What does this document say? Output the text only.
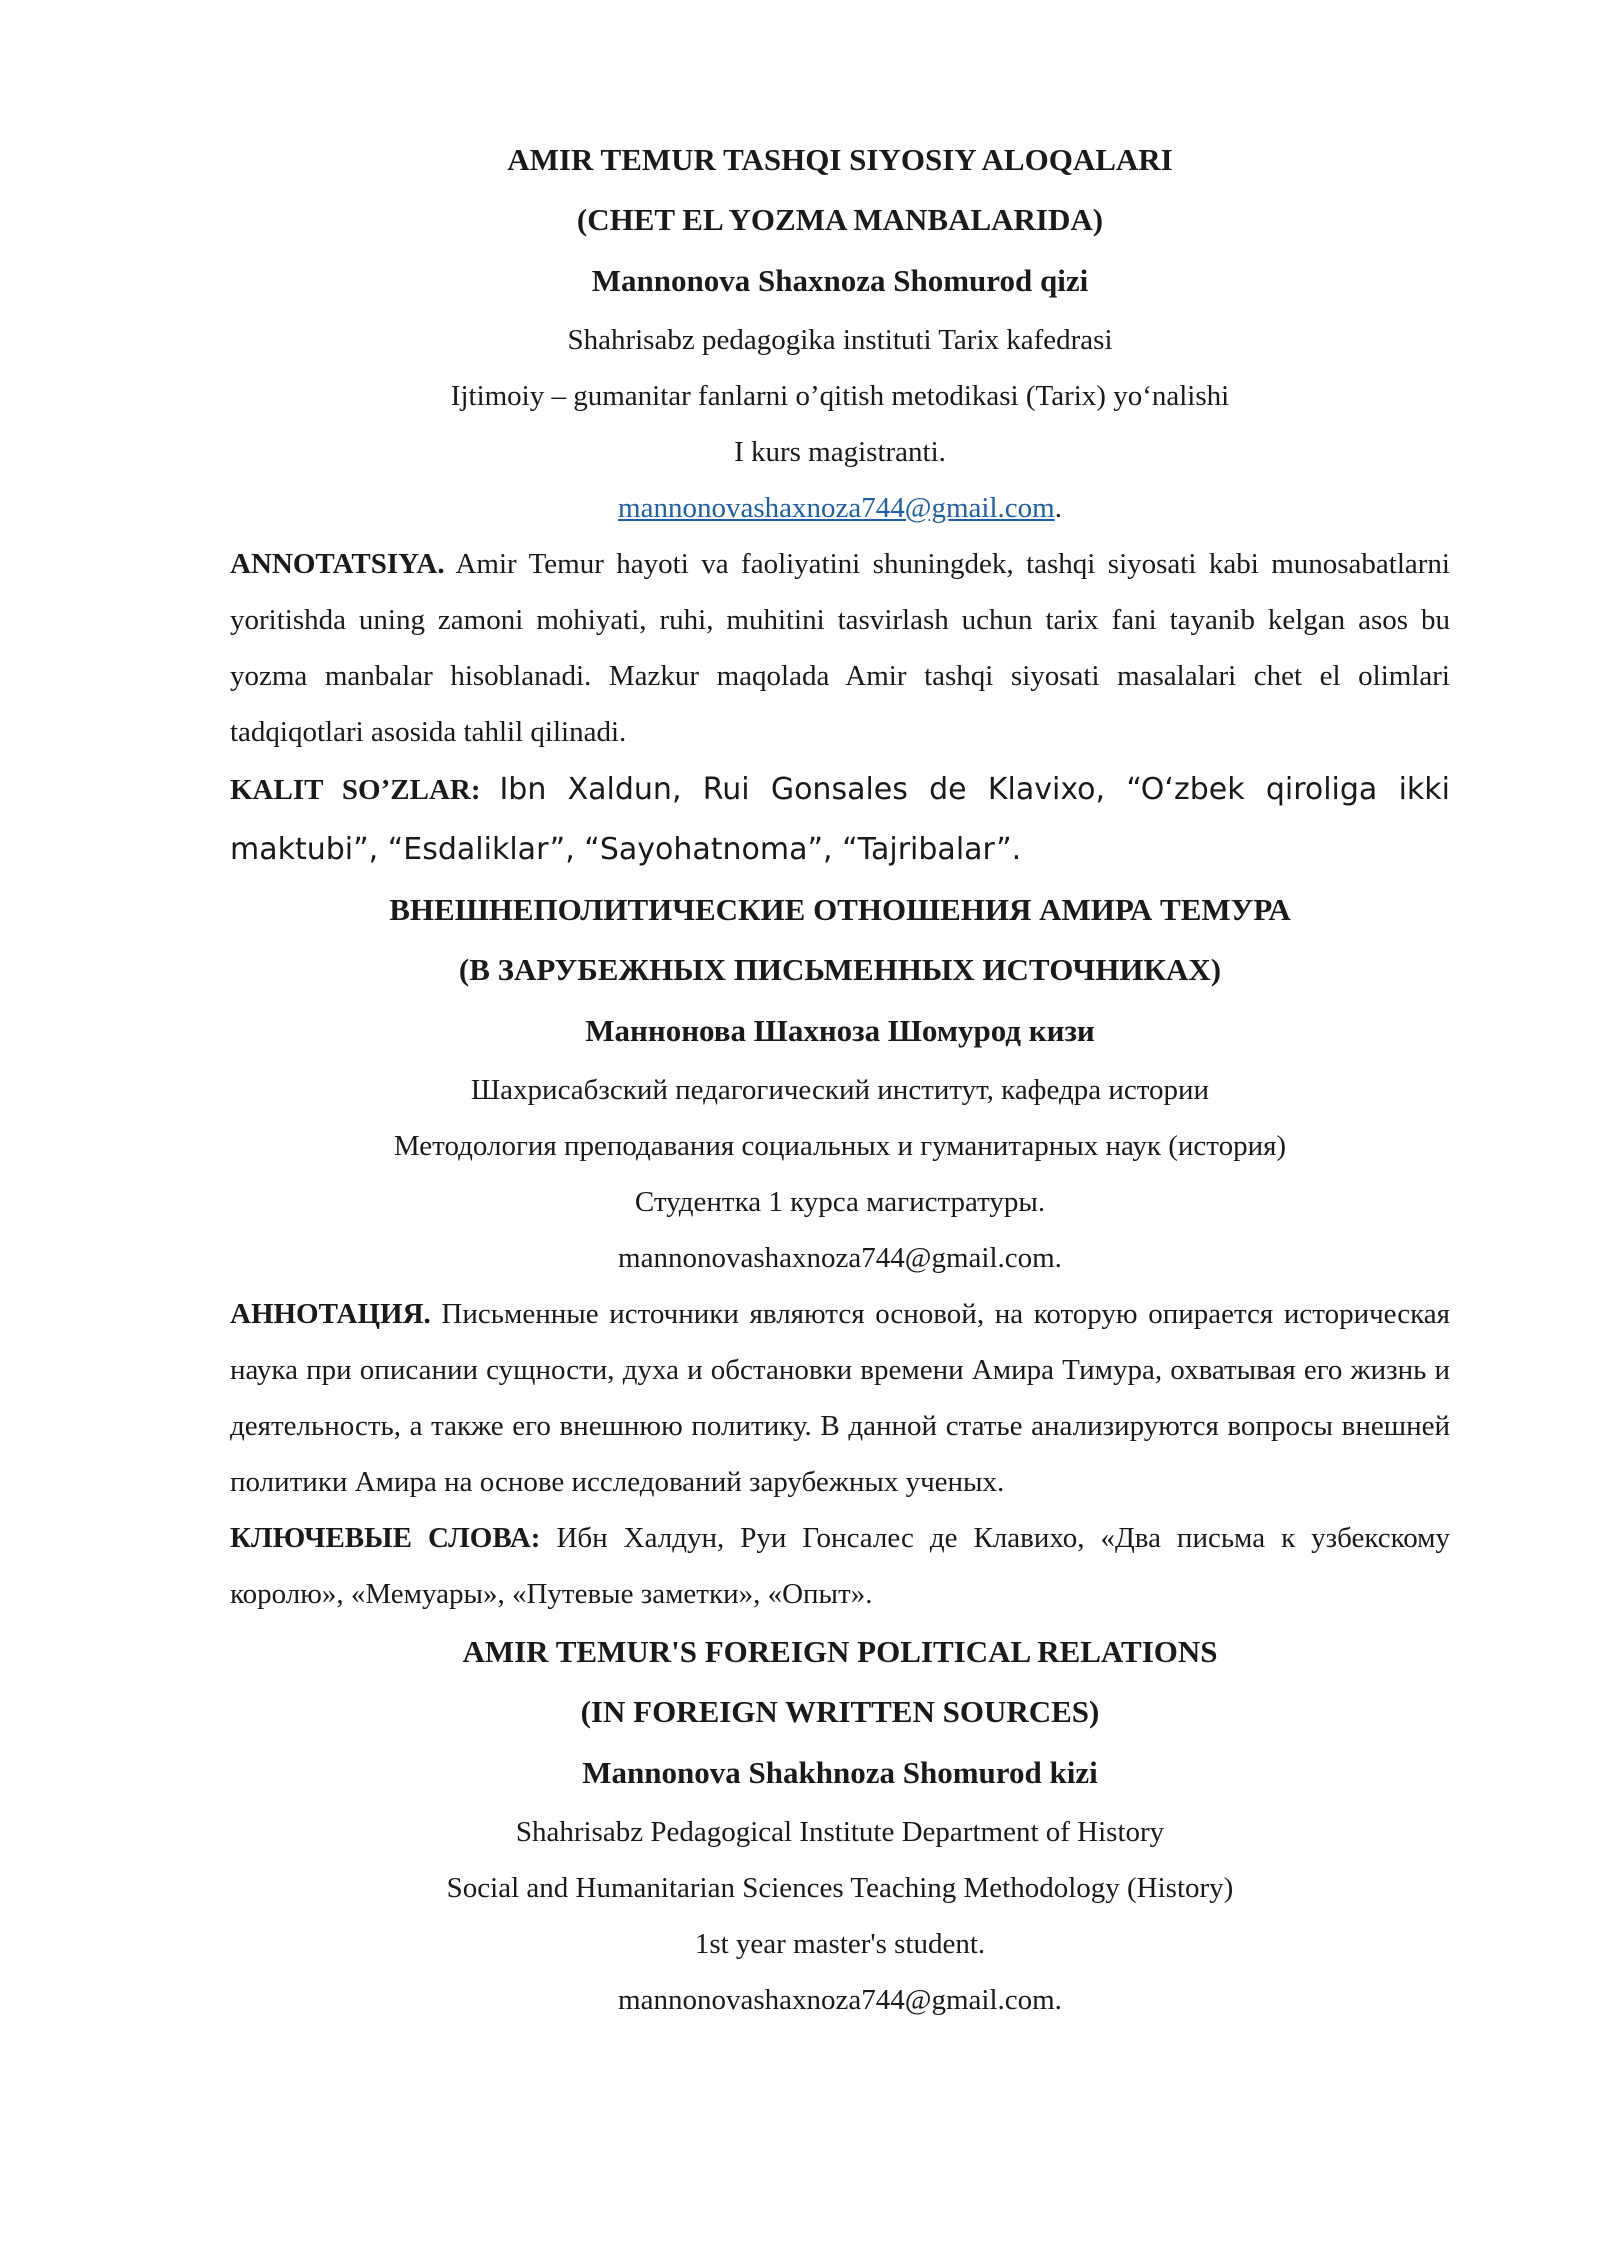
AMIR TEMUR TASHQI SIYOSIY ALOQALARI

(CHET EL YOZMA MANBALARIDA)

Mannonova Shaxnoza Shomurod qizi

Shahrisabz pedagogika instituti Tarix kafedrasi

Ijtimoiy – gumanitar fanlarni o’qitish metodikasi (Tarix) yoʻnalishi

I kurs magistranti.

mannonovashaxnoza744@gmail.com.

ANNOTATSIYA. Amir Temur hayoti va faoliyatini shuningdek, tashqi siyosati kabi munosabatlarni yoritishda uning zamoni mohiyati, ruhi, muhitini tasvirlash uchun tarix fani tayanib kelgan asos bu yozma manbalar hisoblanadi. Mazkur maqolada Amir tashqi siyosati masalalari chet el olimlari tadqiqotlari asosida tahlil qilinadi.

KALIT SO’ZLAR: Ibn Xaldun, Rui Gonsales de Klavixo, “Oʻzbek qiroliga ikki maktubi”, “Esdaliklar”, “Sayohatnoma”, “Tajribalar”.

ВНЕШНЕПОЛИТИЧЕСКИЕ ОТНОШЕНИЯ АМИРА ТЕМУРА

(В ЗАРУБЕЖНЫХ ПИСЬМЕННЫХ ИСТОЧНИКАХ)

Маннонова Шахноза Шомурод кизи

Шахрисабзский педагогический институт, кафедра истории

Методология преподавания социальных и гуманитарных наук (история)

Студентка 1 курса магистратуры.

mannonovashaxnoza744@gmail.com.

АННОТАЦИЯ. Письменные источники являются основой, на которую опирается историческая наука при описании сущности, духа и обстановки времени Амира Тимура, охватывая его жизнь и деятельность, а также его внешнюю политику. В данной статье анализируются вопросы внешней политики Амира на основе исследований зарубежных ученых.

КЛЮЧЕВЫЕ СЛОВА: Ибн Халдун, Руи Гонсалес де Клавихо, «Два письма к узбекскому королю», «Мемуары», «Путевые заметки», «Опыт».

AMIR TEMUR'S FOREIGN POLITICAL RELATIONS

(IN FOREIGN WRITTEN SOURCES)

Mannonova Shakhnoza Shomurod kizi

Shahrisabz Pedagogical Institute Department of History

Social and Humanitarian Sciences Teaching Methodology (History)

1st year master's student.

mannonovashaxnoza744@gmail.com.
